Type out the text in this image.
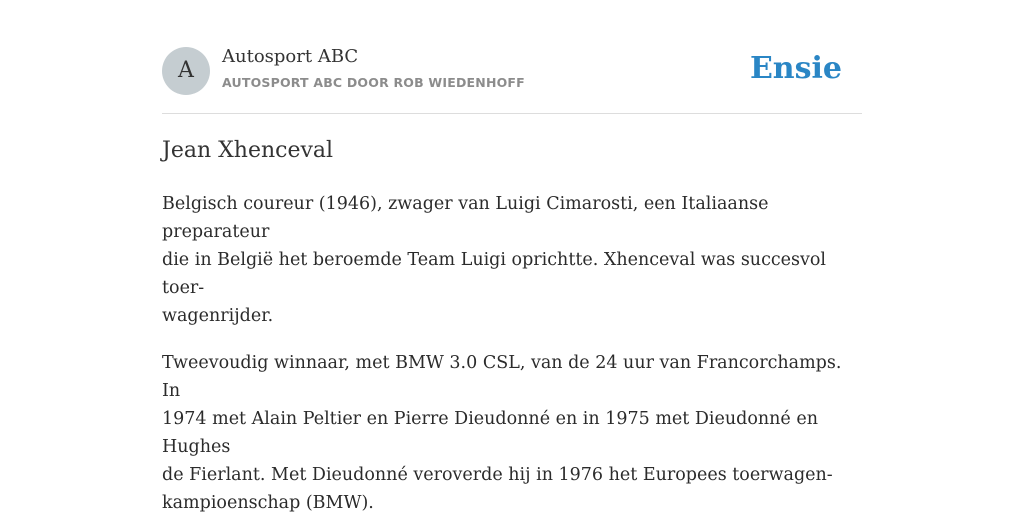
A
Autosport ABC
AUTOSPORT ABC DOOR ROB WIEDENHOFF	Ensie
Jean Xhenceval

Belgisch coureur (1946), zwager van Luigi Cimarosti, een Italiaanse preparateur
die in België het beroemde Team Luigi oprichtte. Xhenceval was succesvol toer-
wagenrijder.

Tweevoudig winnaar, met BMW 3.0 CSL, van de 24 uur van Francorchamps. In
1974 met Alain Peltier en Pierre Dieudonné en in 1975 met Dieudonné en Hughes
de Fierlant. Met Dieudonné veroverde hij in 1976 het Europees toerwagen-
kampioenschap (BMW).
